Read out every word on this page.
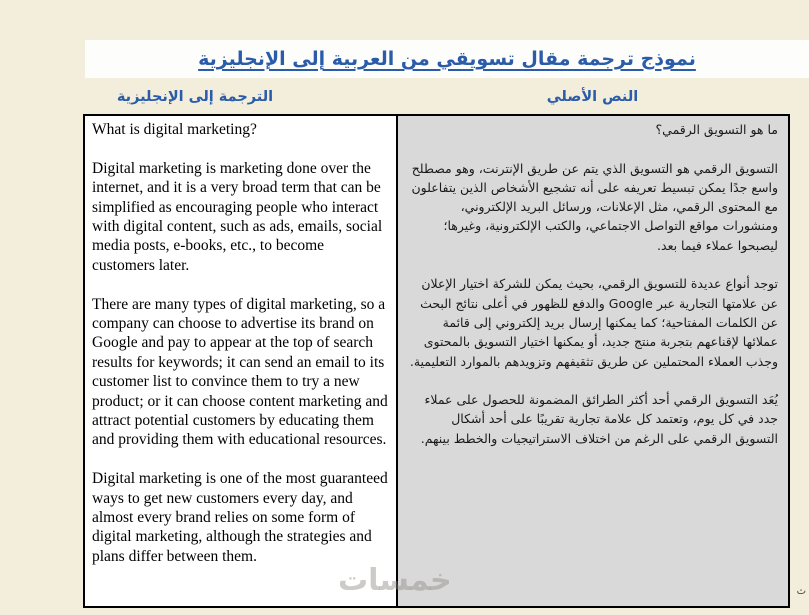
نموذج ترجمة مقال تسويقي من العربية إلى الإنجليزية
الترجمة إلى الإنجليزية	النص الأصلي

What is digital marketing?

Digital marketing is marketing done over the internet, and it is a very broad term that can be simplified as encouraging people who interact with digital content, such as ads, emails, social media posts, e-books, etc., to become customers later.

There are many types of digital marketing, so a company can choose to advertise its brand on Google and pay to appear at the top of search results for keywords; it can send an email to its customer list to convince them to try a new product; or it can choose content marketing and attract potential customers by educating them and providing them with educational resources.

Digital marketing is one of the most guaranteed ways to get new customers every day, and almost every brand relies on some form of digital marketing, although the strategies and plans differ between them.

ما هو التسويق الرقمي؟

التسويق الرقمي هو التسويق الذي يتم عن طريق الإنترنت، وهو مصطلح واسع جدًا يمكن تبسيط تعريفه على أنه تشجيع الأشخاص الذين يتفاعلون مع المحتوى الرقمي، مثل الإعلانات، ورسائل البريد الإلكتروني، ومنشورات مواقع التواصل الاجتماعي، والكتب الإلكترونية، وغيرها؛ ليصبحوا عملاء فيما بعد.

توجد أنواع عديدة للتسويق الرقمي، بحيث يمكن للشركة اختيار الإعلان عن علامتها التجارية عبر Google والدفع للظهور في أعلى نتائج البحث عن الكلمات المفتاحية؛ كما يمكنها إرسال بريد إلكتروني إلى قائمة عملائها لإقناعهم بتجربة منتج جديد، أو يمكنها اختيار التسويق بالمحتوى وجذب العملاء المحتملين عن طريق تثقيفهم وتزويدهم بالموارد التعليمية.

يُعَد التسويق الرقمي أحد أكثر الطرائق المضمونة للحصول على عملاء جدد في كل يوم، وتعتمد كل علامة تجارية تقريبًا على أحد أشكال التسويق الرقمي على الرغم من اختلاف الاستراتيجيات والخطط بينهم.

خمسات	ث
